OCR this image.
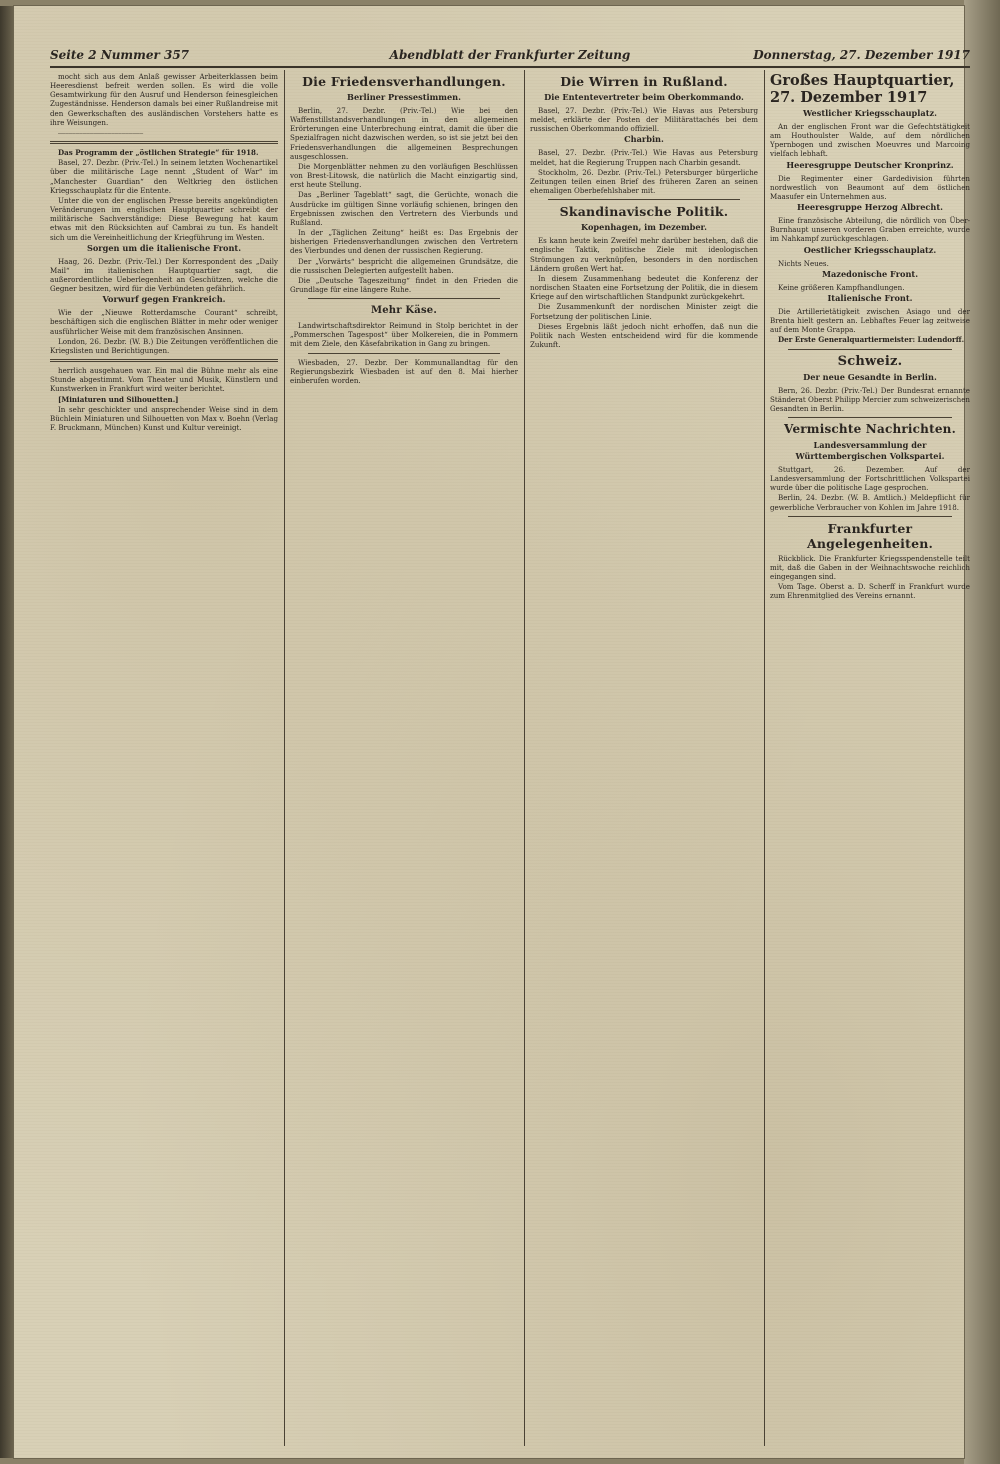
Seite 2 Nummer 357	Abendblatt der Frankfurter Zeitung	Donnerstag, 27. Dezember 1917

mocht sich aus dem Anlaß gewisser Arbeiterklassen beim Heeresdienst befreit werden sollen. Es wird die volle Gesamtwirkung für den Ausruf und Henderson feinesgleichen Zugeständnisse. Henderson damals bei einer Rußlandreise mit den Gewerkschaften des ausländischen Vorstehers hatte es ihre Weisungen.

⎯⎯⎯⎯⎯⎯⎯⎯⎯⎯⎯⎯⎯⎯⎯⎯⎯⎯⎯⎯⎯⎯⎯⎯

Das Programm der „östlichen Strategie“ für 1918.

Basel, 27. Dezbr. (Priv.-Tel.) In seinem letzten Wochenartikel über die militärische Lage nennt „Student of War“ im „Manchester Guardian“ den Weltkrieg den östlichen Kriegsschauplatz für die Entente.

Unter die von der englischen Presse bereits angekündigten Veränderungen im englischen Hauptquartier schreibt der militärische Sachverständige: Diese Bewegung hat kaum etwas mit den Rücksichten auf Cambrai zu tun. Es handelt sich um die Vereinheitlichung der Kriegführung im Westen.

Sorgen um die italienische Front.

Haag, 26. Dezbr. (Priv.-Tel.) Der Korrespondent des „Daily Mail“ im italienischen Hauptquartier sagt, die außerordentliche Ueberlegenheit an Geschützen, welche die Gegner besitzen, wird für die Verbündeten gefährlich.

Vorwurf gegen Frankreich.

Wie der „Nieuwe Rotterdamsche Courant“ schreibt, beschäftigen sich die englischen Blätter in mehr oder weniger ausführlicher Weise mit dem französischen Ansinnen.

London, 26. Dezbr. (W. B.) Die Zeitungen veröffentlichen die Kriegslisten und Berichtigungen.

herrlich ausgehauen war. Ein mal die Bühne mehr als eine Stunde abgestimmt. Vom Theater und Musik, Künstlern und Kunstwerken in Frankfurt wird weiter berichtet.

[Miniaturen und Silhouetten.]

In sehr geschickter und ansprechender Weise sind in dem Büchlein Miniaturen und Silhouetten von Max v. Boehn (Verlag F. Bruckmann, München) Kunst und Kultur vereinigt.

Die Friedensverhandlungen.
Berliner Pressestimmen.

Berlin, 27. Dezbr. (Priv.-Tel.) Wie bei den Waffenstillstandsverhandlungen in den allgemeinen Erörterungen eine Unterbrechung eintrat, damit die über die Spezialfragen nicht dazwischen werden, so ist sie jetzt bei den Friedensverhandlungen die allgemeinen Besprechungen ausgeschlossen.

Die Morgenblätter nehmen zu den vorläufigen Beschlüssen von Brest-Litowsk, die natürlich die Macht einzigartig sind, erst heute Stellung.

Das „Berliner Tageblatt“ sagt, die Gerüchte, wonach die Ausdrücke im gültigen Sinne vorläufig schienen, bringen den Ergebnissen zwischen den Vertretern des Vierbunds und Rußland.

In der „Täglichen Zeitung“ heißt es: Das Ergebnis der bisherigen Friedensverhandlungen zwischen den Vertretern des Vierbundes und denen der russischen Regierung.

Der „Vorwärts“ bespricht die allgemeinen Grundsätze, die die russischen Delegierten aufgestellt haben.

Die „Deutsche Tageszeitung“ findet in den Frieden die Grundlage für eine längere Ruhe.

Mehr Käse.

Landwirtschaftsdirektor Reimund in Stolp berichtet in der „Pommerschen Tagespost“ über Molkereien, die in Pommern mit dem Ziele, den Käsefabrikation in Gang zu bringen.

Wiesbaden, 27. Dezbr. Der Kommunallandtag für den Regierungsbezirk Wiesbaden ist auf den 8. Mai hierher einberufen worden.

Die Wirren in Rußland.
Die Ententevertreter beim Oberkommando.

Basel, 27. Dezbr. (Priv.-Tel.) Wie Havas aus Petersburg meldet, erklärte der Posten der Militärattachés bei dem russischen Oberkommando offiziell.

Charbin.

Basel, 27. Dezbr. (Priv.-Tel.) Wie Havas aus Petersburg meldet, hat die Regierung Truppen nach Charbin gesandt.

Stockholm, 26. Dezbr. (Priv.-Tel.) Petersburger bürgerliche Zeitungen teilen einen Brief des früheren Zaren an seinen ehemaligen Oberbefehlshaber mit.

Skandinavische Politik.
Kopenhagen, im Dezember.

Es kann heute kein Zweifel mehr darüber bestehen, daß die englische Taktik, politische Ziele mit ideologischen Strömungen zu verknüpfen, besonders in den nordischen Ländern großen Wert hat.

In diesem Zusammenhang bedeutet die Konferenz der nordischen Staaten eine Fortsetzung der Politik, die in diesem Kriege auf den wirtschaftlichen Standpunkt zurückgekehrt.

Die Zusammenkunft der nordischen Minister zeigt die Fortsetzung der politischen Linie.

Dieses Ergebnis läßt jedoch nicht erhoffen, daß nun die Politik nach Westen entscheidend wird für die kommende Zukunft.

Großes Hauptquartier, 27. Dezember 1917
Westlicher Kriegsschauplatz.

An der englischen Front war die Gefechtstätigkeit am Houthoulster Walde, auf dem nördlichen Ypernbogen und zwischen Moeuvres und Marcoing vielfach lebhaft.

Heeresgruppe Deutscher Kronprinz.

Die Regimenter einer Gardedivision führten nordwestlich von Beaumont auf dem östlichen Maasufer ein Unternehmen aus.

Heeresgruppe Herzog Albrecht.

Eine französische Abteilung, die nördlich von Über-Burnhaupt unseren vorderen Graben erreichte, wurde im Nahkampf zurückgeschlagen.

Oestlicher Kriegsschauplatz.

Nichts Neues.

Mazedonische Front.

Keine größeren Kampfhandlungen.

Italienische Front.

Die Artillerietätigkeit zwischen Asiago und der Brenta hielt gestern an. Lebhaftes Feuer lag zeitweise auf dem Monte Grappa.

Der Erste Generalquartiermeister: Ludendorff.

Schweiz.
Der neue Gesandte in Berlin.

Bern, 26. Dezbr. (Priv.-Tel.) Der Bundesrat ernannte Ständerat Oberst Philipp Mercier zum schweizerischen Gesandten in Berlin.

Vermischte Nachrichten.
Landesversammlung der Württembergischen Volkspartei.

Stuttgart, 26. Dezember. Auf der Landesversammlung der Fortschrittlichen Volkspartei wurde über die politische Lage gesprochen.

Berlin, 24. Dezbr. (W. B. Amtlich.) Meldepflicht für gewerbliche Verbraucher von Kohlen im Jahre 1918.

Frankfurter Angelegenheiten.

Rückblick. Die Frankfurter Kriegsspendenstelle teilt mit, daß die Gaben in der Weihnachtswoche reichlich eingegangen sind.

Vom Tage. Oberst a. D. Scherff in Frankfurt wurde zum Ehrenmitglied des Vereins ernannt.
